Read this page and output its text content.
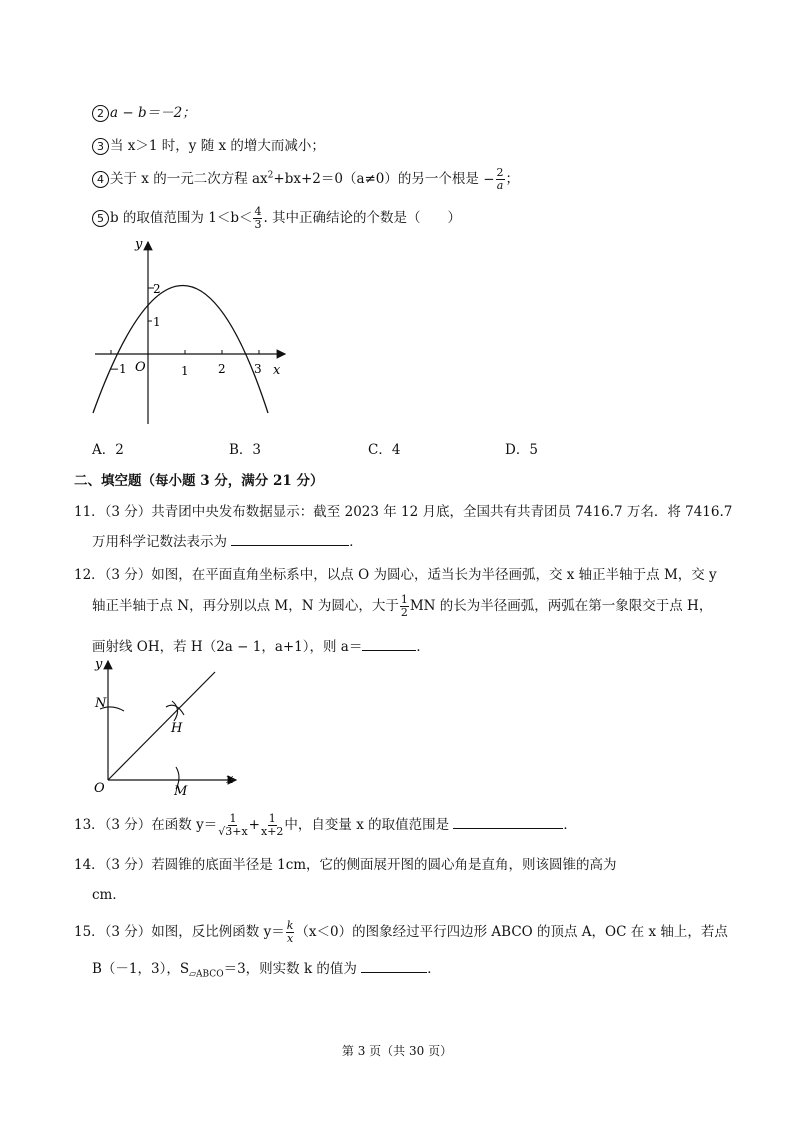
2 a − b＝－2；
3 当 x＞1 时，y 随 x 的增大而减小；
4 关于 x 的一元二次方程 $ax^2+bx+2=0(a\ne 0)$的另一个根是 − $\frac{2}{a}$ ；
5 b 的取值范围为 $1<b< \frac{4}{3}$ . 其中正确结论的个数是（　　）
y
x
O
−1	1 2 3
1
2
A．2	B．3	C．4	D．5
二、填空题（每小题 3 分，满分 21 分）
11．（3 分）共青团中央发布数据显示：截至 2023 年 12 月底，全国共有共青团员 7416.7 万名．将 7416.7
万用科学记数法表示为	．
12．（3 分）如图，在平面直角坐标系中，以点 O 为圆心，适当长为半径画弧，交 x 轴正半轴于点 M，交 y
轴正半轴于点 N，再分别以点 M，N 为圆心，大于 $\frac{1}{2}$ MN 的长为半径画弧，两弧在第一象限交于点 H，
画射线 OH，若 H（2a − 1，a+1），则 a＝	．
y
x
O
N
M
H
13．（3 分）在函数 $y= \frac{1}{√3+x} + \frac{1}{x+2}$ 中，自变量 x 的取值范围是	．
14．（3 分）若圆锥的底面半径是 1cm，它的侧面展开图的圆心角是直角，则该圆锥的高为
cm．
15．（3 分）如图，反比例函数 $y= \frac{k}{x} (x<0)$的图象经过平行四边形 ABCO 的顶点 A，OC 在 x 轴上，若点
B（－1，3），$S_{▱ABCO}=3$，则实数 k 的值为	．
第 3 页（共 30 页）
